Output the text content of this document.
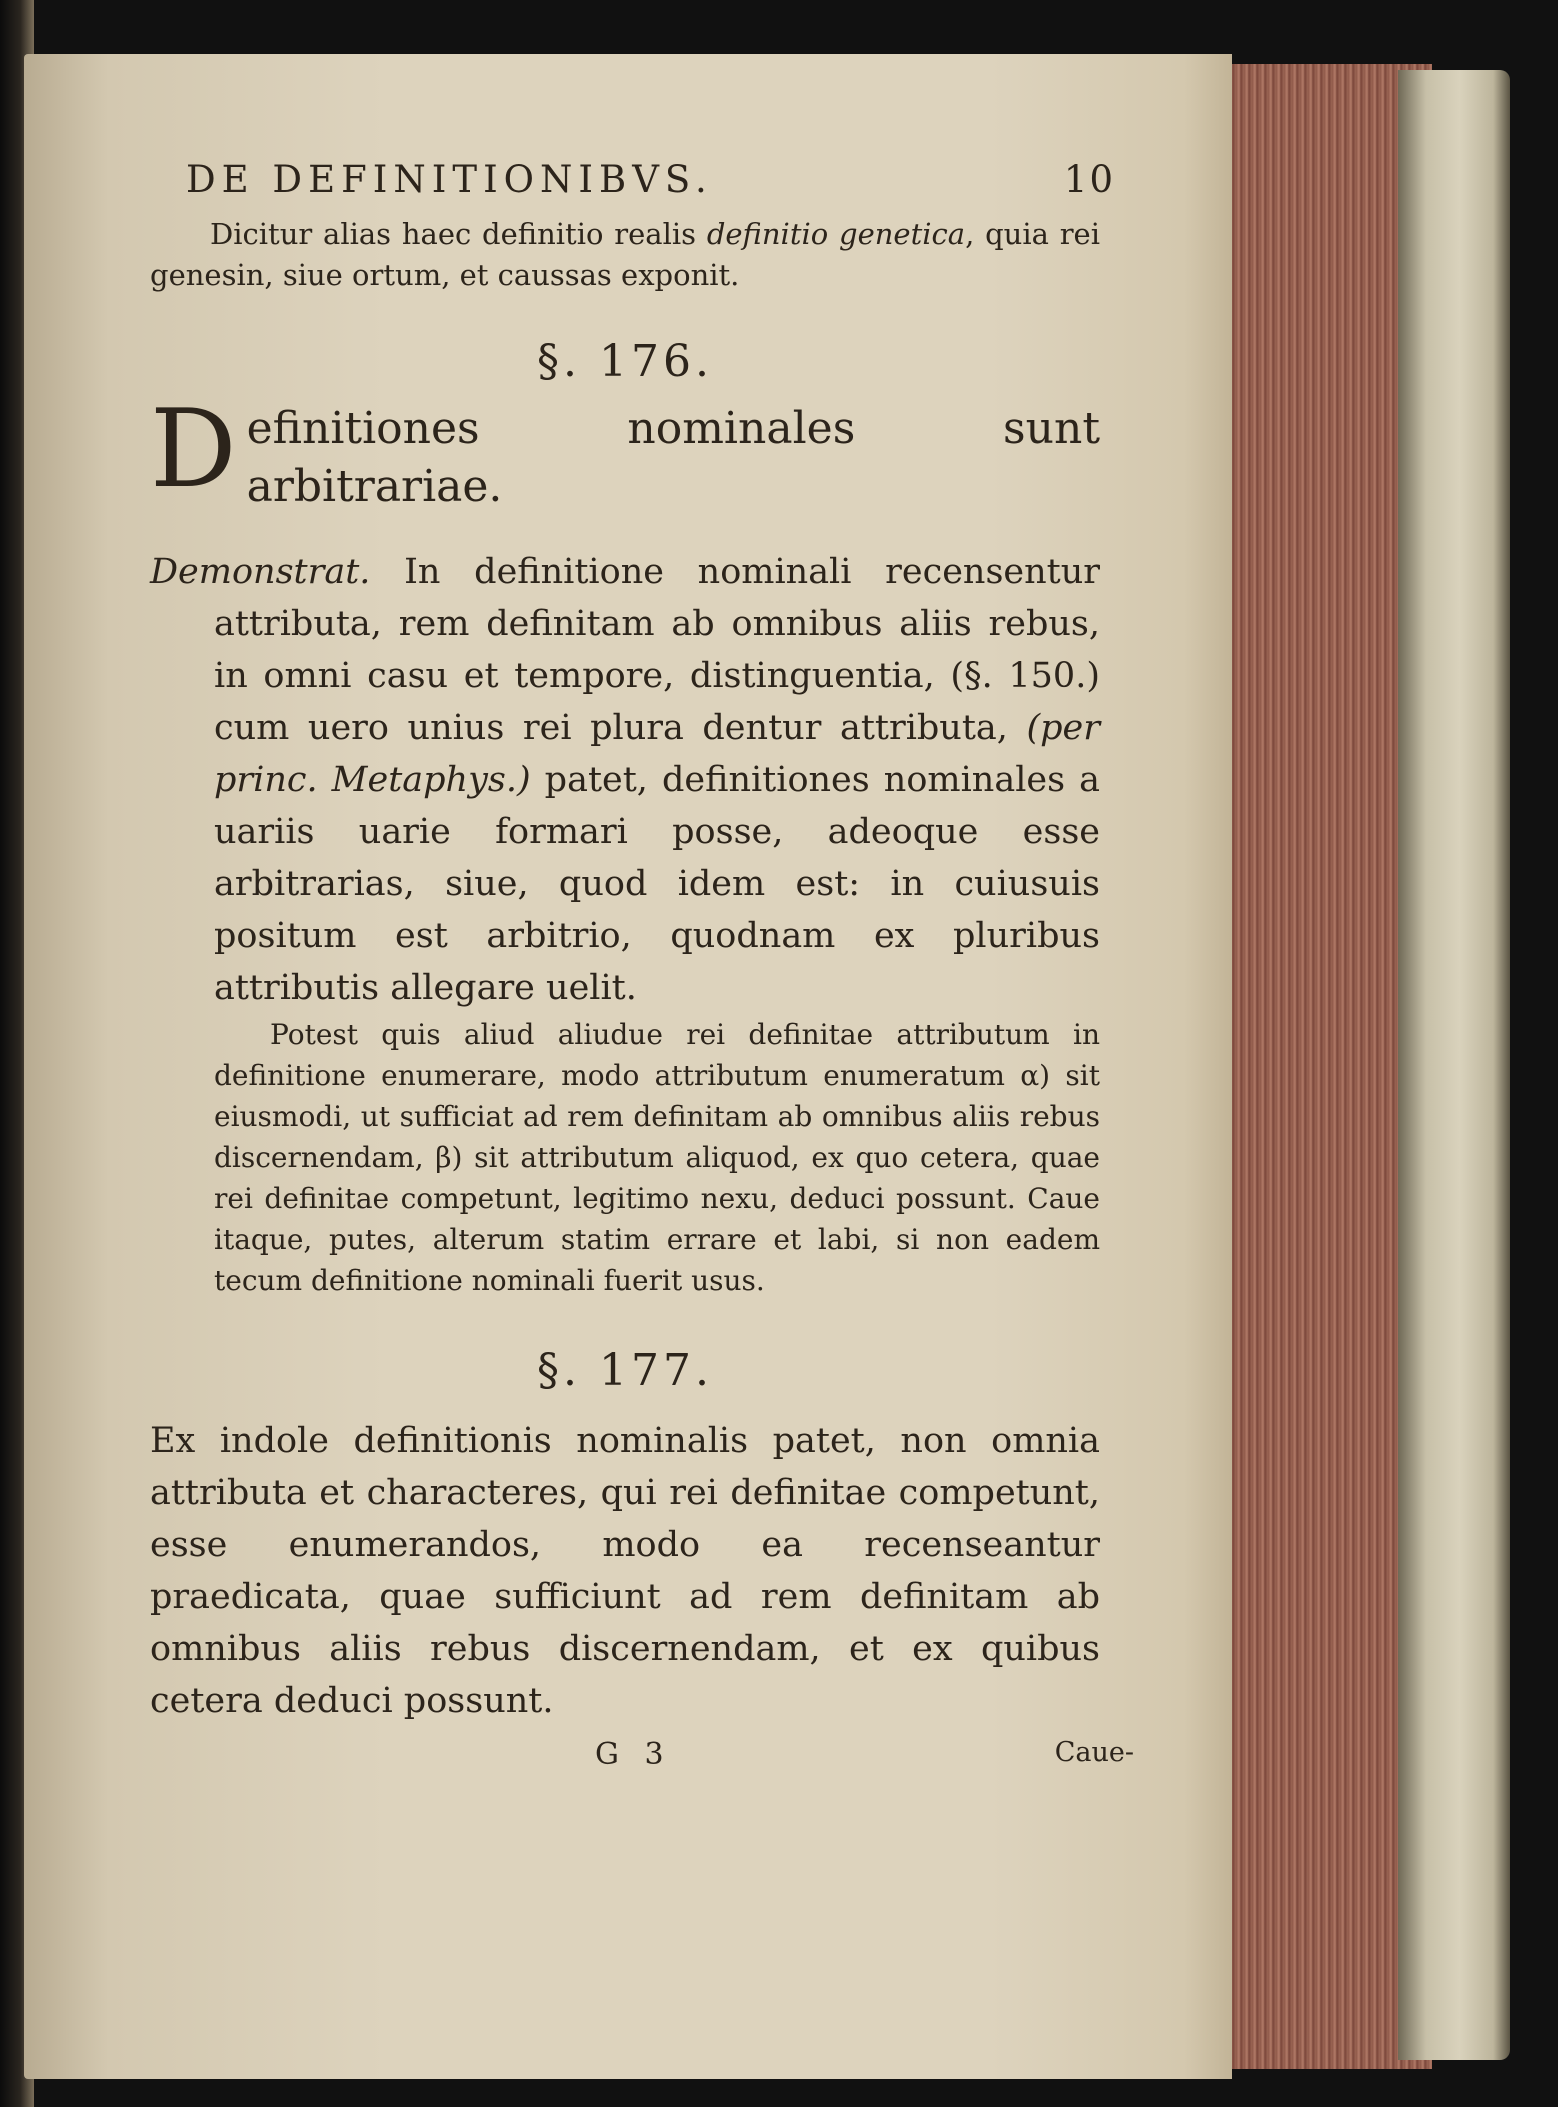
DE DEFINITIONIBVS.	10

Dicitur alias haec definitio realis definitio genetica, quia rei genesin, siue ortum, et caussas exponit.

§. 176.

Definitiones nominales sunt arbitrariae.

Demonstrat. In definitione nominali recensentur attributa, rem definitam ab omnibus aliis rebus, in omni casu et tempore, distinguentia, (§. 150.) cum uero unius rei plura dentur attributa, (per princ. Metaphys.) patet, definitiones nominales a uariis uarie formari posse, adeoque esse arbitrarias, siue, quod idem est: in cuiusuis positum est arbitrio, quodnam ex pluribus attributis allegare uelit.

Potest quis aliud aliudue rei definitae attributum in definitione enumerare, modo attributum enumeratum α) sit eiusmodi, ut sufficiat ad rem definitam ab omnibus aliis rebus discernendam, β) sit attributum aliquod, ex quo cetera, quae rei definitae competunt, legitimo nexu, deduci possunt. Caue itaque, putes, alterum statim errare et labi, si non eadem tecum definitione nominali fuerit usus.

§. 177.

Ex indole definitionis nominalis patet, non omnia attributa et characteres, qui rei definitae competunt, esse enumerandos, modo ea recenseantur praedicata, quae sufficiunt ad rem definitam ab omnibus aliis rebus discernendam, et ex quibus cetera deduci possunt.

G 3	Caue-
